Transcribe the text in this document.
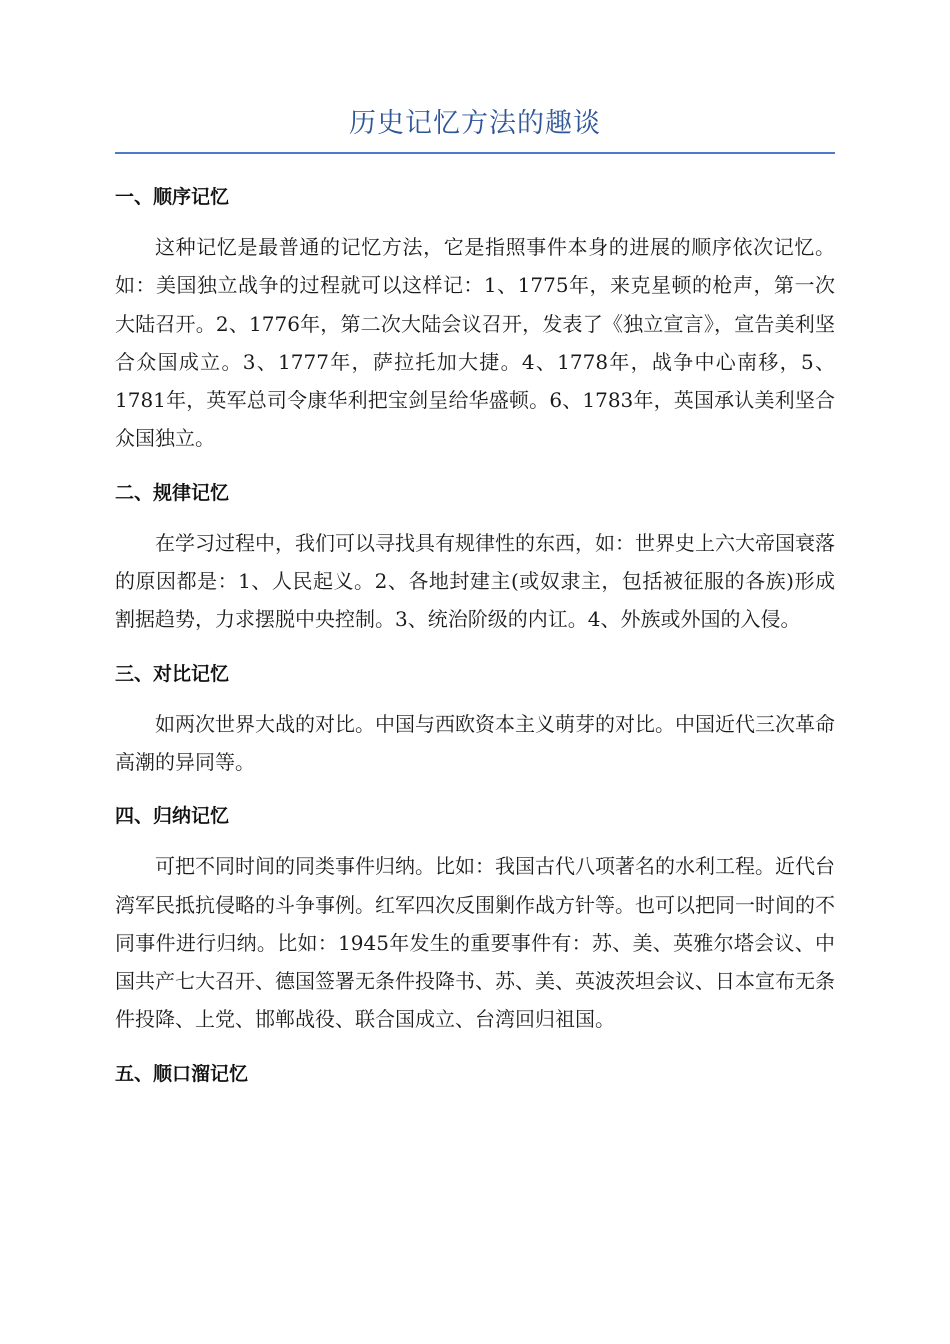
历史记忆方法的趣谈
一、顺序记忆

这种记忆是最普通的记忆方法，它是指照事件本身的进展的顺序依次记忆。如：美国独立战争的过程就可以这样记：1、1775年，来克星顿的枪声，第一次大陆召开。2、1776年，第二次大陆会议召开，发表了《独立宣言》，宣告美利坚合众国成立。3、1777年，萨拉托加大捷。4、1778年，战争中心南移，5、1781年，英军总司令康华利把宝剑呈给华盛顿。6、1783年，英国承认美利坚合众国独立。

二、规律记忆

在学习过程中，我们可以寻找具有规律性的东西，如：世界史上六大帝国衰落的原因都是：1、人民起义。2、各地封建主(或奴隶主，包括被征服的各族)形成割据趋势，力求摆脱中央控制。3、统治阶级的内讧。4、外族或外国的入侵。

三、对比记忆

如两次世界大战的对比。中国与西欧资本主义萌芽的对比。中国近代三次革命高潮的异同等。

四、归纳记忆

可把不同时间的同类事件归纳。比如：我国古代八项著名的水利工程。近代台湾军民抵抗侵略的斗争事例。红军四次反围剿作战方针等。也可以把同一时间的不同事件进行归纳。比如：1945年发生的重要事件有：苏、美、英雅尔塔会议、中国共产七大召开、德国签署无条件投降书、苏、美、英波茨坦会议、日本宣布无条件投降、上党、邯郸战役、联合国成立、台湾回归祖国。

五、顺口溜记忆
